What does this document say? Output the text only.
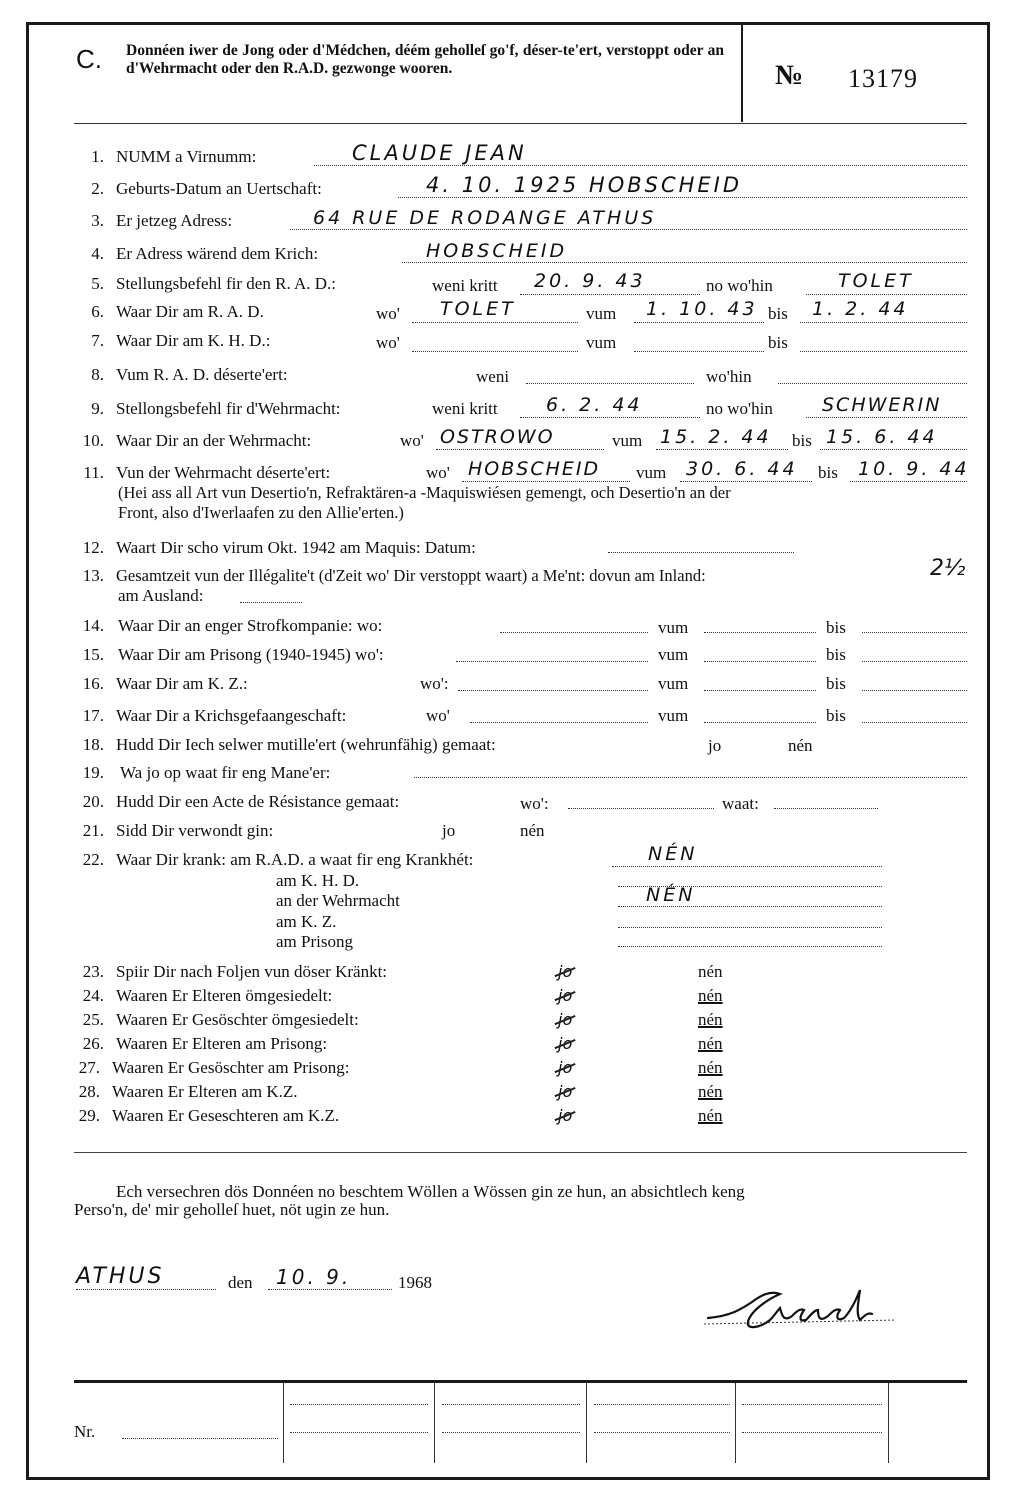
C. Donnéen iwer de Jong oder d'Médchen, déém geholleſ go'f, déser-te'ert, verstoppt oder an d'Wehrmacht oder den R.A.D. gezwonge wooren.	№ 13179
1. NUMM a Virnumm:	CLAUDE JEAN
2. Geburts-Datum an Uertschaft:	4. 10. 1925 HOBSCHEID
3. Er jetzeg Adress:	64 RUE DE RODANGE ATHUS
4. Er Adress wärend dem Krich:	HOBSCHEID
5. Stellungsbefehl fir den R. A. D.:	weni kritt 20. 9. 43	no wo'hin	TOLET
6. Waar Dir am R. A. D.	wo' TOLET	vum 1. 10. 43 bis 1. 2. 44
7. Waar Dir am K. H. D.:	wo'	vum	bis
8. Vum R. A. D. déserte'ert:	weni	wo'hin
9. Stellongsbefehl fir d'Wehrmacht:	weni kritt	6. 2. 44	no wo'hin	SCHWERIN
10. Waar Dir an der Wehrmacht:	wo' OSTROWO	vum 15. 2. 44 bis 15. 6. 44
11. Vun der Wehrmacht déserte'ert:	wo' HOBSCHEID vum 30. 6. 44 bis 10. 9. 44
(Hei ass all Art vun Desertio'n, Refraktären-a -Maquiswiésen gemengt, och Desertio'n an der
Front, also d'Iwerlaafen zu den Allie'erten.)
12. Waart Dir scho virum Okt. 1942 am Maquis: Datum:
13. Gesamtzeit vun der Illégalite't (d'Zeit wo' Dir verstoppt waart) a Me'nt: dovun am Inland:	2½
am Ausland:
14. Waar Dir an enger Strofkompanie: wo:	vum	bis
15. Waar Dir am Prisong (1940-1945) wo':	vum	bis
16. Waar Dir am K. Z.:	wo':	vum	bis
17. Waar Dir a Krichsgefaangeschaft:	wo'	vum	bis
18. Hudd Dir Iech selwer mutille'ert (wehrunfähig) gemaat:	jo	nén
19. Wa jo op waat fir eng Mane'er:
20. Hudd Dir een Acte de Résistance gemaat:	wo':	waat:
21. Sidd Dir verwondt gin:	jo	nén
22. Waar Dir krank: am R.A.D. a waat fir eng Krankhét:	NÉN
am K. H. D.
an der Wehrmacht	NÉN
am K. Z.
am Prisong
23. Spiir Dir nach Foljen vun döser Kränkt:	jo	nén
24. Waaren Er Elteren ömgesiedelt:	jo	nén
25. Waaren Er Gesöschter ömgesiedelt:	jo	nén
26. Waaren Er Elteren am Prisong:	jo	nén
27. Waaren Er Gesöschter am Prisong:	jo	nén
28. Waaren Er Elteren am K.Z.	jo	nén
29. Waaren Er Geseschteren am K.Z.	jo	nén
Ech versechren dös Donnéen no beschtem Wöllen a Wössen gin ze hun, an absichtlech keng
Perso'n, de' mir geholleſ huet, nöt ugin ze hun.
ATHUS	den 10. 9.	1968
Nr.
